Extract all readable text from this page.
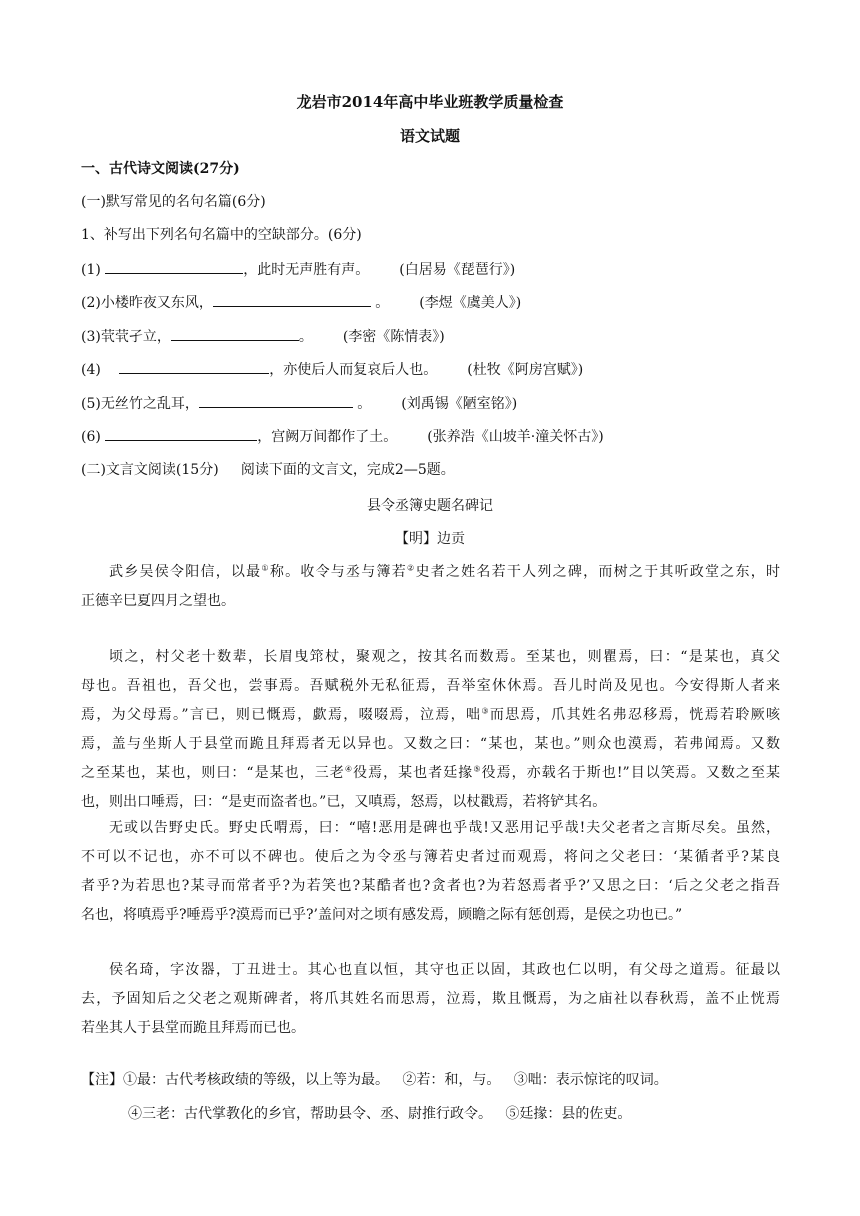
龙岩市2014年高中毕业班教学质量检查
语文试题
一、古代诗文阅读(27分)
(一)默写常见的名句名篇(6分)
1、补写出下列名句名篇中的空缺部分。(6分)
(1)	，此时无声胜有声。 (白居易《琵琶行》)
(2)小楼昨夜又东风，	。 (李煜《虞美人》)
(3)茕茕孑立，	。 (李密《陈情表》)
(4)	，亦使后人而复哀后人也。 (杜牧《阿房宫赋》)
(5)无丝竹之乱耳，	。 (刘禹锡《陋室铭》)
(6)	，宫阙万间都作了土。 (张养浩《山坡羊·潼关怀古》)
(二)文言文阅读(15分)     阅读下面的文言文，完成2—5题。
县令丞簿史题名碑记
【明】边贡
武乡吴侯令阳信，以最①称。收令与丞与簿若②史者之姓名若干人列之碑，而树之于其听政堂之东，时
正德辛巳夏四月之望也。
顷之，村父老十数辈，长眉曳筇杖，聚观之，按其名而数焉。至某也，则瞿焉，曰：“是某也，真父
母也。吾祖也，吾父也，尝事焉。吾赋税外无私征焉，吾举室休休焉。吾儿时尚及见也。今安得斯人者来
焉，为父母焉。”言已，则已慨焉，歔焉，啜啜焉，泣焉，咄③而思焉，爪其姓名弗忍移焉，恍焉若聆厥咳
焉，盖与坐斯人于县堂而跪且拜焉者无以异也。又数之曰：“某也，某也。”则众也漠焉，若弗闻焉。又数
之至某也，某也，则曰：“是某也，三老④役焉，某也者廷掾⑤役焉，亦载名于斯也!”目以笑焉。又数之至某
也，则出口唾焉，曰：“是吏而盗者也。”已，又嗔焉，怒焉，以杖戳焉，若将铲其名。
无或以告野史氏。野史氏喟焉，曰：“嘻!恶用是碑也乎哉!又恶用记乎哉!夫父老者之言斯尽矣。虽然，
不可以不记也，亦不可以不碑也。使后之为令丞与簿若史者过而观焉，将问之父老曰：‘某循者乎?某良
者乎?为若思也?某寻而常者乎?为若笑也?某酷者也?贪者也?为若怒焉者乎?’又思之曰：‘后之父老之指吾
名也，将嗔焉乎?唾焉乎?漠焉而已乎?’盖问对之顷有感发焉，顾瞻之际有惩创焉，是侯之功也已。”
侯名琦，字汝器，丁丑进士。其心也直以恒，其守也正以固，其政也仁以明，有父母之道焉。征最以
去，予固知后之父老之观斯碑者，将爪其姓名而思焉，泣焉，欺且慨焉，为之庙社以春秋焉，盖不止恍焉
若坐其人于县堂而跪且拜焉而已也。
【注】①最：古代考核政绩的等级，以上等为最。   ②若：和，与。   ③咄：表示惊诧的叹词。
④三老：古代掌教化的乡官，帮助县令、丞、尉推行政令。   ⑤廷掾：县的佐吏。
